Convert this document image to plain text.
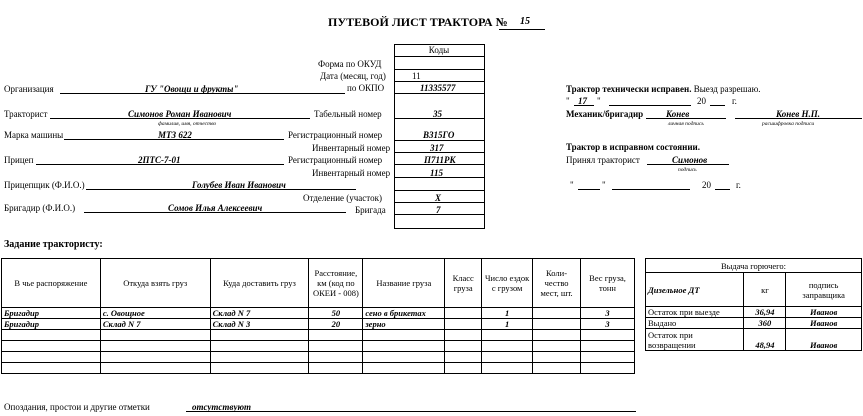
ПУТЕВОЙ ЛИСТ ТРАКТОРА №	15
Коды
Форма по ОКУД
Дата (месяц, год)	11
по ОКПО	11335577
Табельный номер	35
Регистрационный номер	В315ГО
Инвентарный номер	317
Регистрационный номер	П711РК
Инвентарный номер	115
Отделение (участок)	Х
Бригада	7
Организация	ГУ "Овощи и фрукты"
Тракторист	Симонов Роман Иванович
фамилия, имя, отчество
Марка машины	МТЗ 622
Прицеп	2ПТС-7-01
Прицепщик (Ф.И.О.)	Голубев Иван Иванович
Бригадир (Ф.И.О.)	Сомов Илья Алексеевич
Трактор технически исправен. Выезд разрешаю.
" 17 "	20	г.
Механик/бригадир	Конев	Конев Н.П.
личная подпись	расшифровка подписи
Трактор в исправном состоянии.
Принял тракторист	Симонов
подпись
"	"	20	г.
Задание трактористу:
В чье распоряжение	Откуда взять груз	Куда доставить груз	Расстояние, км (код по ОКЕИ - 008)	Название груза	Класс груза	Число ездок с грузом	Коли-чество мест, шт.	Вес груза, тонн
Бригадир	с. Овощное	Склад N 7	50	сено в брикетах		1		3
Бригадир	Склад N 7	Склад N 3	20	зерно		1		3

Выдача горючего:		
Дизельное ДТ	кг	подпись заправщика
Остаток при выезде	36,94	Иванов
Выдано	360	Иванов
Остаток при возвращении	48,94	Иванов
Опоздания, простои и другие отметки	отсутствуют
